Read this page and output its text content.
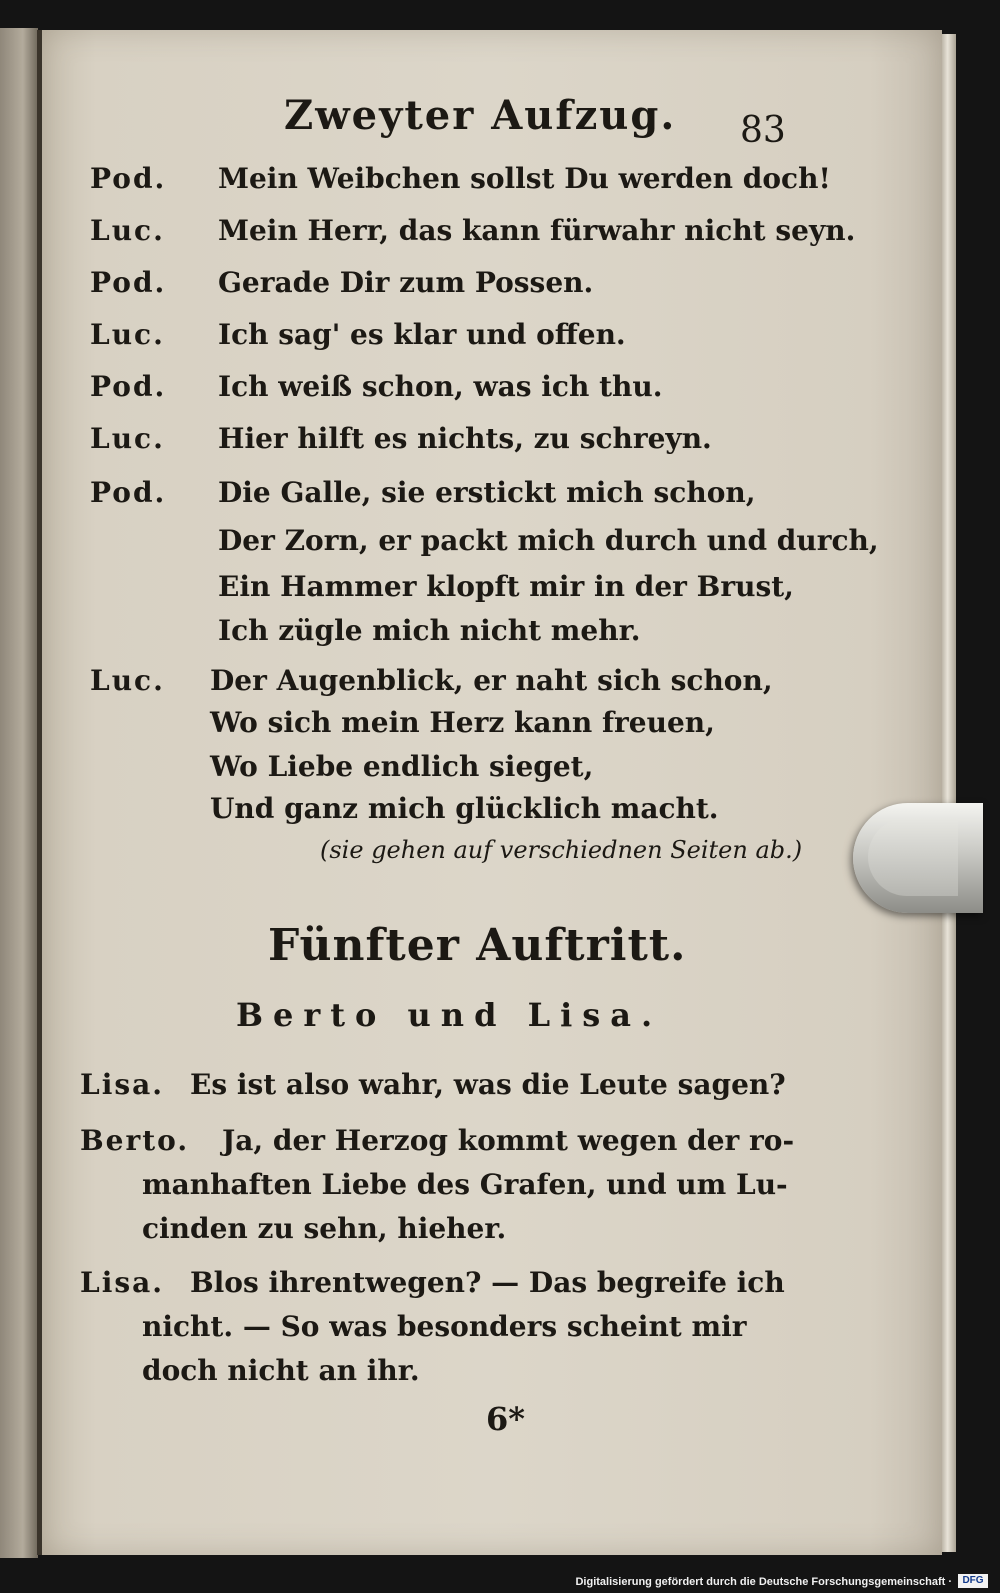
Zweyter Aufzug. 83
Pod. Mein Weibchen sollst Du werden doch!
Luc. Mein Herr, das kann fürwahr nicht seyn.
Pod. Gerade Dir zum Possen.
Luc. Ich sag' es klar und offen.
Pod. Ich weiß schon, was ich thu.
Luc. Hier hilft es nichts, zu schreyn.
Pod. Die Galle, sie erstickt mich schon,
Der Zorn, er packt mich durch und durch,
Ein Hammer klopft mir in der Brust,
Ich zügle mich nicht mehr.
Luc. Der Augenblick, er naht sich schon,
Wo sich mein Herz kann freuen,
Wo Liebe endlich sieget,
Und ganz mich glücklich macht.
(sie gehen auf verschiednen Seiten ab.)
Fünfter Auftritt.
Berto und Lisa.
Lisa. Es ist also wahr, was die Leute sagen?
Berto. Ja, der Herzog kommt wegen der ro-
manhaften Liebe des Grafen, und um Lu-
cinden zu sehn, hieher.
Lisa. Blos ihrentwegen? — Das begreife ich
nicht. — So was besonders scheint mir
doch nicht an ihr.
6*
Digitalisierung gefördert durch die Deutsche Forschungsgemeinschaft ·	DFG
